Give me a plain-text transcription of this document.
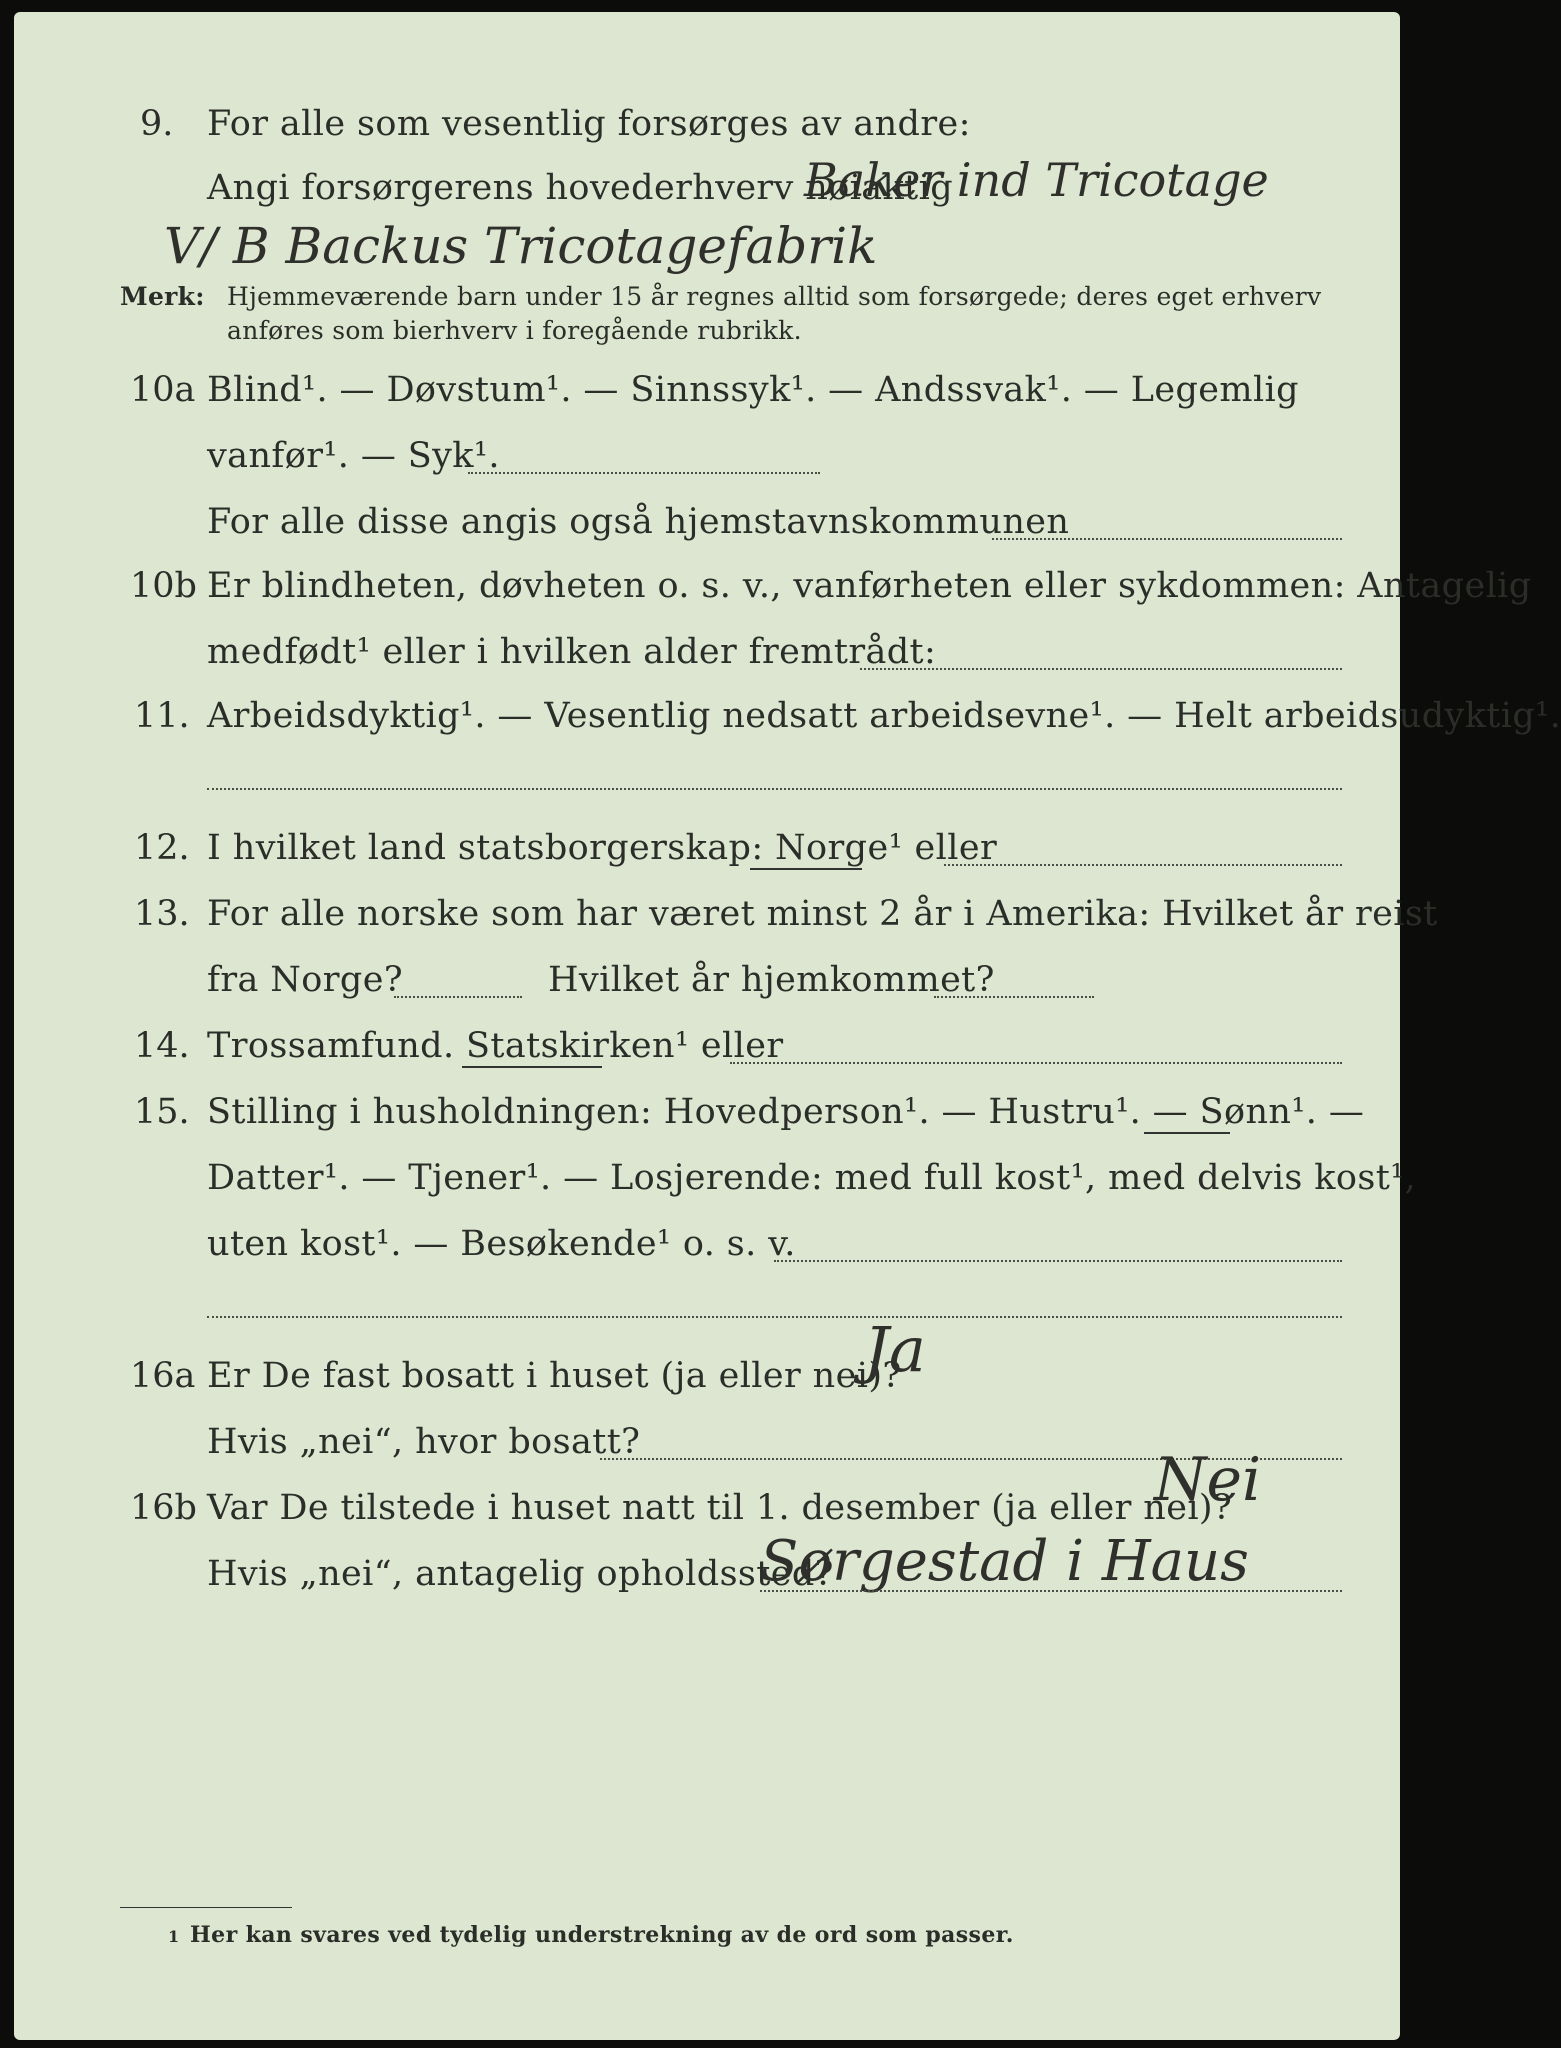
9. For alle som vesentlig forsørges av andre:
Angi forsørgerens hovederhverv nøiaktig
Baker ind Tricotage
V/ B Backus Tricotagefabrik
Merk: Hjemmeværende barn under 15 år regnes alltid som forsørgede; deres eget erhverv
anføres som bierhverv i foregående rubrikk.
10a Blind¹. — Døvstum¹. — Sinnssyk¹. — Andssvak¹. — Legemlig
vanfør¹. — Syk¹.
For alle disse angis også hjemstavnskommunen
10b Er blindheten, døvheten o. s. v., vanførheten eller sykdommen: Antagelig
medfødt¹ eller i hvilken alder fremtrådt:
11. Arbeidsdyktig¹. — Vesentlig nedsatt arbeidsevne¹. — Helt arbeidsudyktig¹.
12. I hvilket land statsborgerskap: Norge¹ eller
13. For alle norske som har været minst 2 år i Amerika: Hvilket år reist
fra Norge?	Hvilket år hjemkommet?
14. Trossamfund. Statskirken¹ eller
15. Stilling i husholdningen: Hovedperson¹. — Hustru¹. — Sønn¹. —
Datter¹. — Tjener¹. — Losjerende: med full kost¹, med delvis kost¹,
uten kost¹. — Besøkende¹ o. s. v.
16a Er De fast bosatt i huset (ja eller nei)?
Ja
Hvis „nei“, hvor bosatt?
16b Var De tilstede i huset natt til 1. desember (ja eller nei)?
Nei
Hvis „nei“, antagelig opholdssted?
Sørgestad i Haus
1 Her kan svares ved tydelig understrekning av de ord som passer.
